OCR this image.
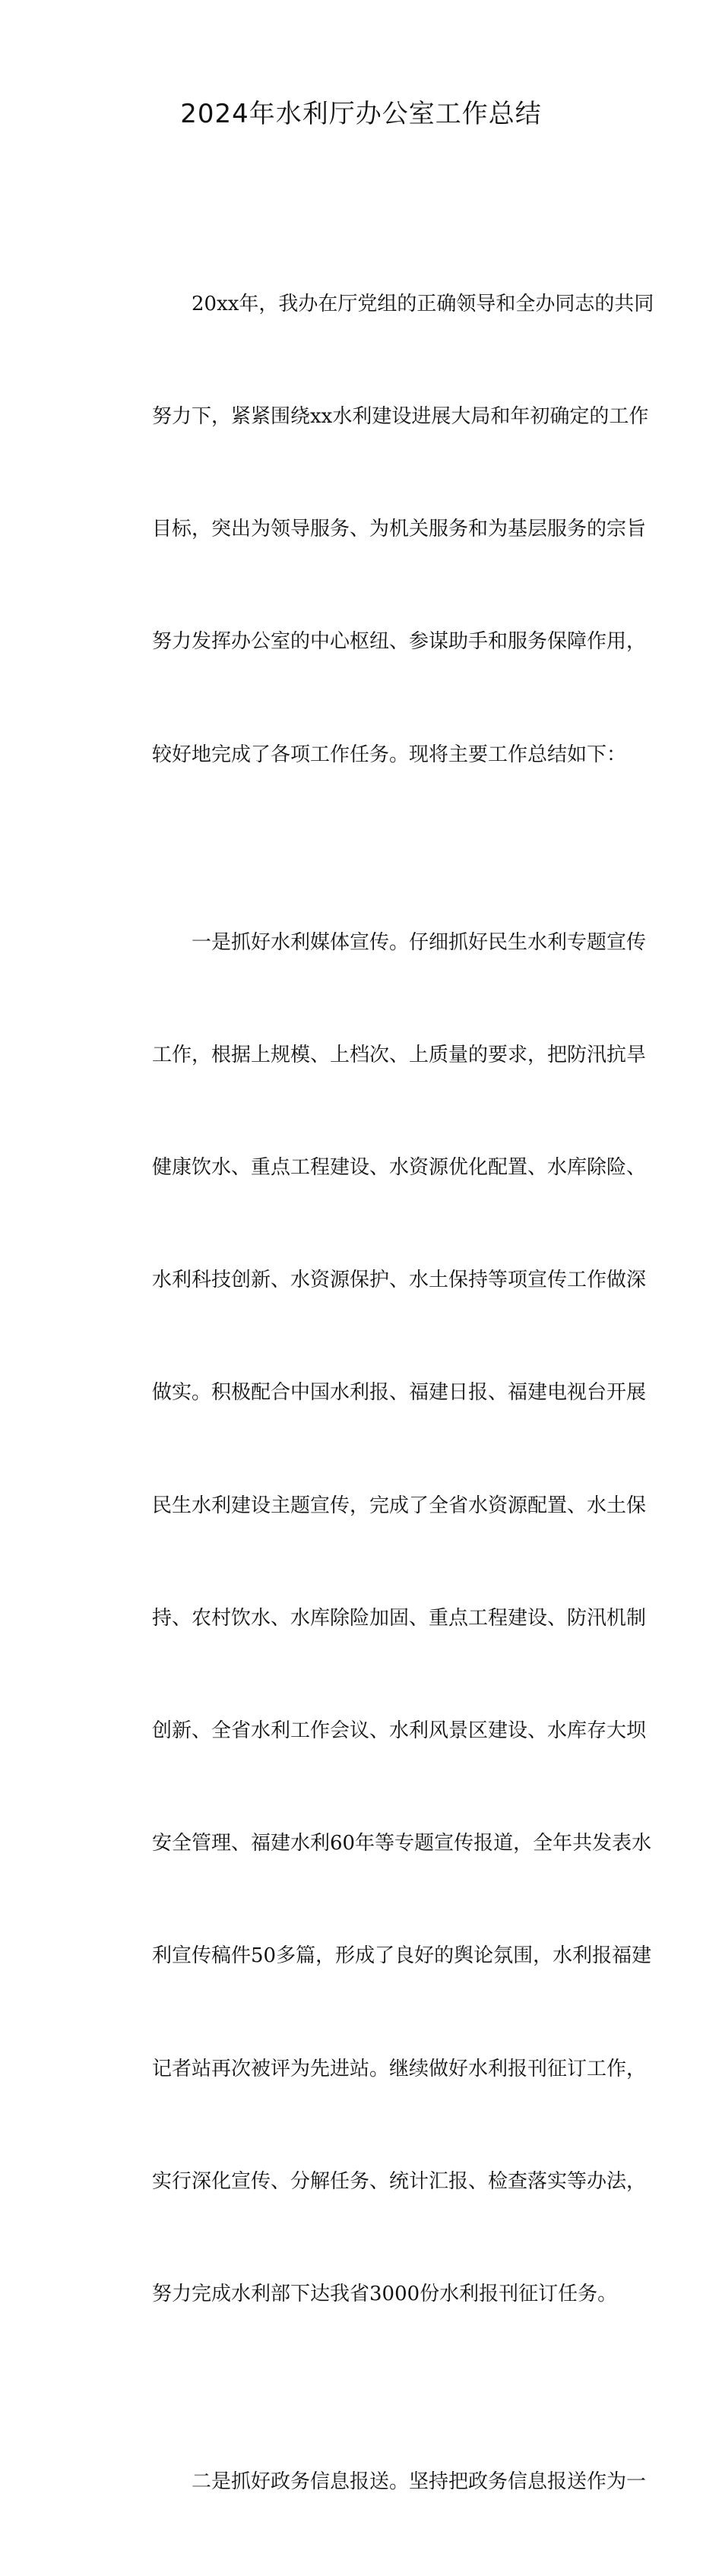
2024年水利厅办公室工作总结

20xx年，我办在厅党组的正确领导和全办同志的共同

努力下，紧紧围绕xx水利建设进展大局和年初确定的工作

目标，突出为领导服务、为机关服务和为基层服务的宗旨

努力发挥办公室的中心枢纽、参谋助手和服务保障作用，

较好地完成了各项工作任务。现将主要工作总结如下：

一是抓好水利媒体宣传。仔细抓好民生水利专题宣传

工作，根据上规模、上档次、上质量的要求，把防汛抗旱

健康饮水、重点工程建设、水资源优化配置、水库除险、

水利科技创新、水资源保护、水土保持等项宣传工作做深

做实。积极配合中国水利报、福建日报、福建电视台开展

民生水利建设主题宣传，完成了全省水资源配置、水土保

持、农村饮水、水库除险加固、重点工程建设、防汛机制

创新、全省水利工作会议、水利风景区建设、水库存大坝

安全管理、福建水利60年等专题宣传报道，全年共发表水

利宣传稿件50多篇，形成了良好的舆论氛围，水利报福建

记者站再次被评为先进站。继续做好水利报刊征订工作，

实行深化宣传、分解任务、统计汇报、检查落实等办法，

努力完成水利部下达我省3000份水利报刊征订任务。

二是抓好政务信息报送。坚持把政务信息报送作为一
